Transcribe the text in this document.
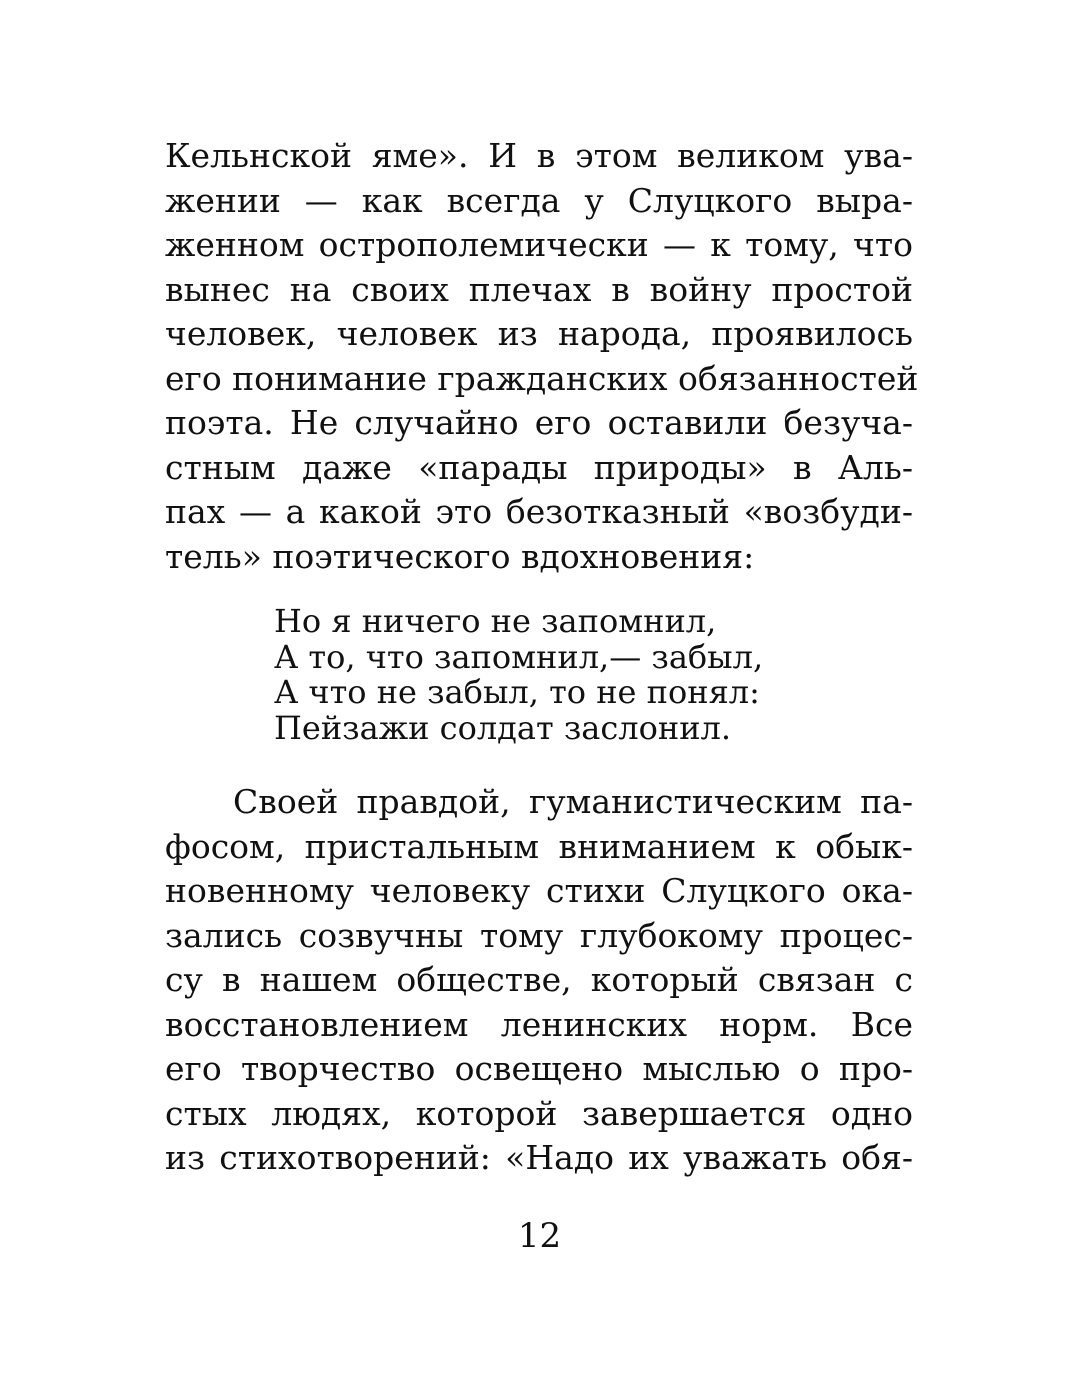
Кельнской яме». И в этом великом ува-
жении — как всегда у Слуцкого выра-
женном острополемически — к тому, что
вынес на своих плечах в войну простой
человек, человек из народа, проявилось
его понимание гражданских обязанностей
поэта. Не случайно его оставили безуча-
стным даже «парады природы» в Аль-
пах — а какой это безотказный «возбуди-
тель» поэтического вдохновения:
Но я ничего не запомнил,
А то, что запомнил,— забыл,
А что не забыл, то не понял:
Пейзажи солдат заслонил.
Своей правдой, гуманистическим па-
фосом, пристальным вниманием к обык-
новенному человеку стихи Слуцкого ока-
зались созвучны тому глубокому процес-
су в нашем обществе, который связан с
восстановлением ленинских норм. Все
его творчество освещено мыслью о про-
стых людях, которой завершается одно
из стихотворений: «Надо их уважать обя-
12
